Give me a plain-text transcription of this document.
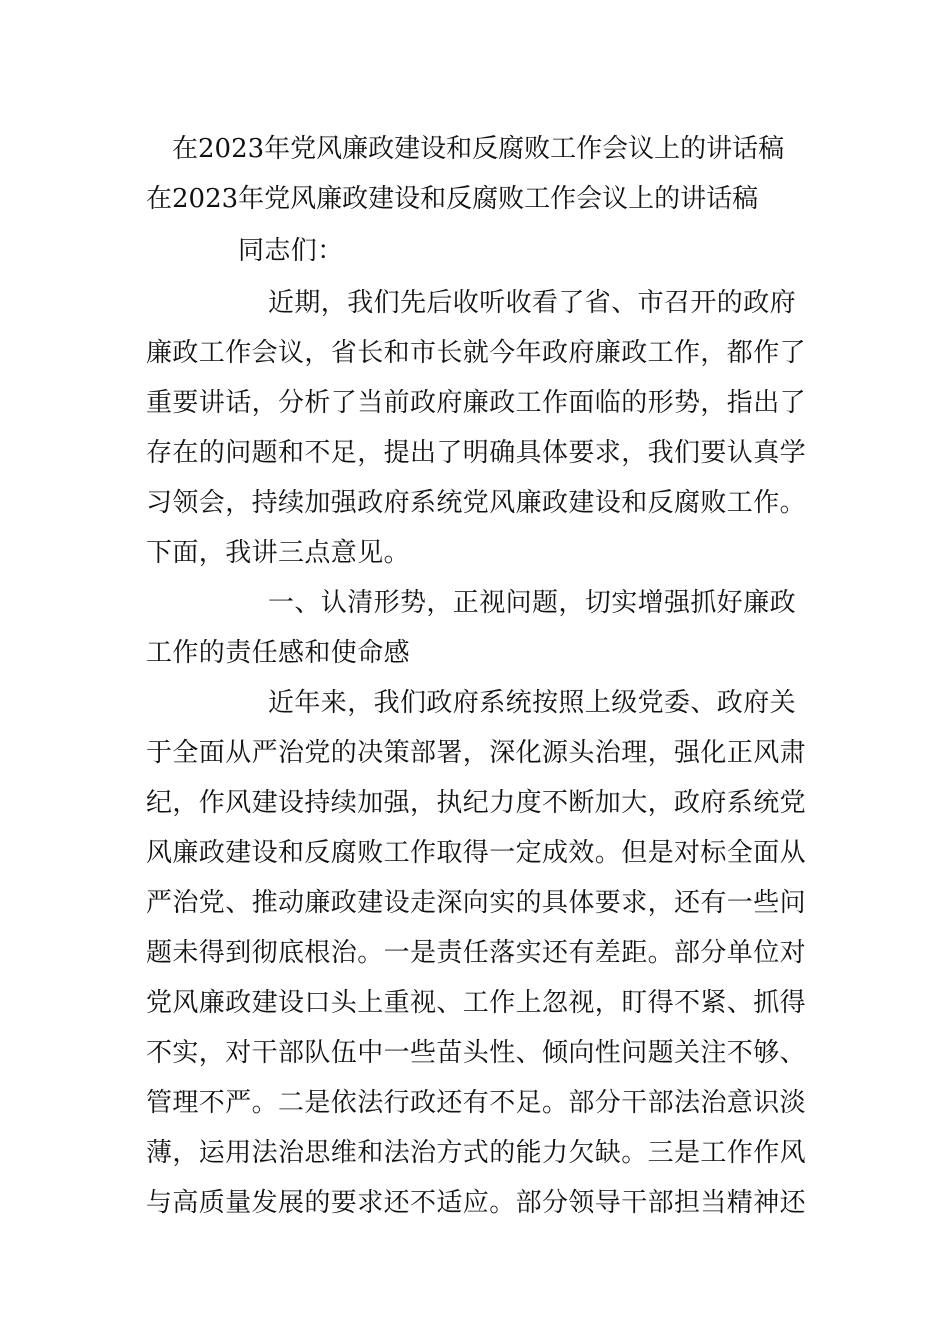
在2023年党风廉政建设和反腐败工作会议上的讲话稿
在2023年党风廉政建设和反腐败工作会议上的讲话稿
同志们：
近期，我们先后收听收看了省、市召开的政府
廉政工作会议，省长和市长就今年政府廉政工作，都作了
重要讲话，分析了当前政府廉政工作面临的形势，指出了
存在的问题和不足，提出了明确具体要求，我们要认真学
习领会，持续加强政府系统党风廉政建设和反腐败工作。
下面，我讲三点意见。
一、认清形势，正视问题，切实增强抓好廉政
工作的责任感和使命感
近年来，我们政府系统按照上级党委、政府关
于全面从严治党的决策部署，深化源头治理，强化正风肃
纪，作风建设持续加强，执纪力度不断加大，政府系统党
风廉政建设和反腐败工作取得一定成效。但是对标全面从
严治党、推动廉政建设走深向实的具体要求，还有一些问
题未得到彻底根治。一是责任落实还有差距。部分单位对
党风廉政建设口头上重视、工作上忽视，盯得不紧、抓得
不实，对干部队伍中一些苗头性、倾向性问题关注不够、
管理不严。二是依法行政还有不足。部分干部法治意识淡
薄，运用法治思维和法治方式的能力欠缺。三是工作作风
与高质量发展的要求还不适应。部分领导干部担当精神还
